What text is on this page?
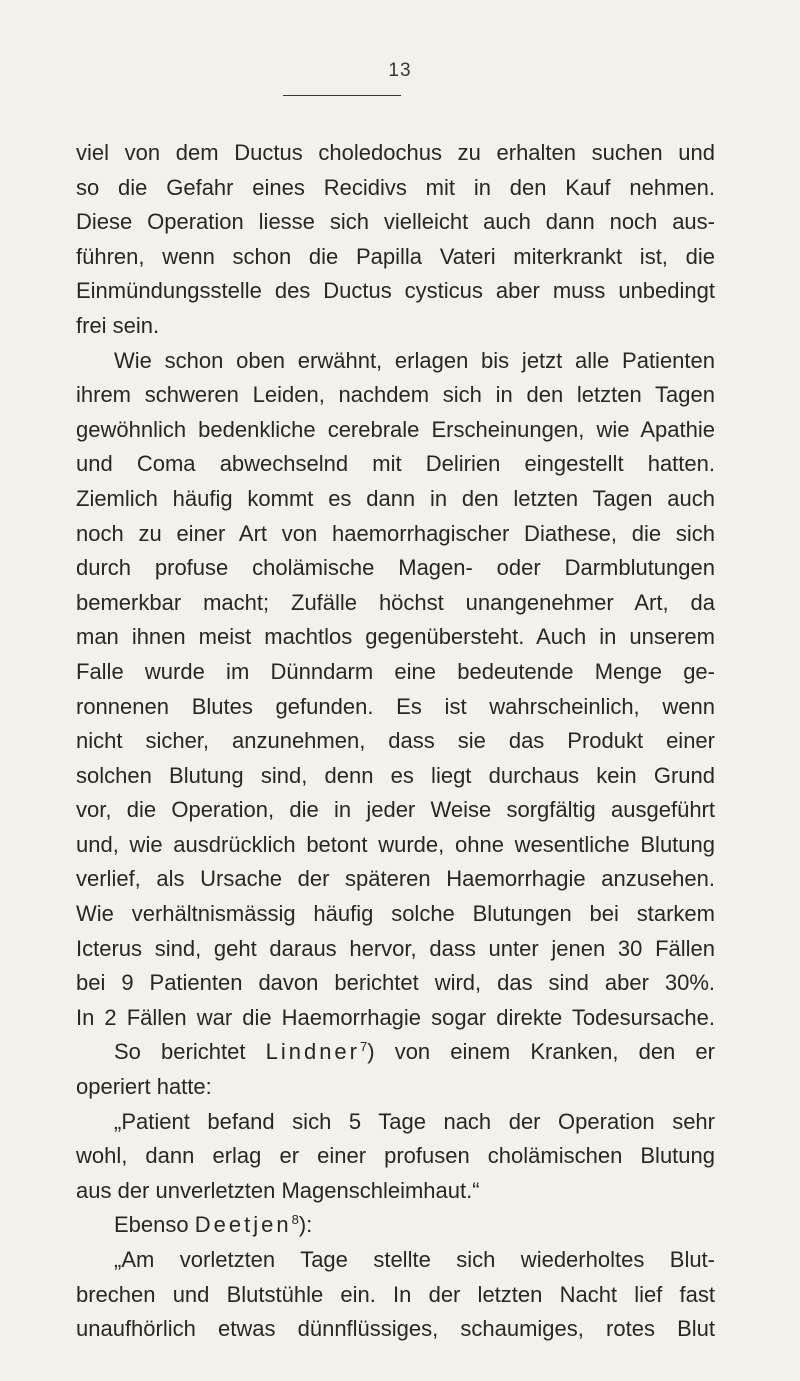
13
viel von dem Ductus choledochus zu erhalten suchen und
so die Gefahr eines Recidivs mit in den Kauf nehmen.
Diese Operation liesse sich vielleicht auch dann noch aus-
führen, wenn schon die Papilla Vateri miterkrankt ist, die
Einmündungsstelle des Ductus cysticus aber muss unbedingt
frei sein.
Wie schon oben erwähnt, erlagen bis jetzt alle Patienten
ihrem schweren Leiden, nachdem sich in den letzten Tagen
gewöhnlich bedenkliche cerebrale Erscheinungen, wie Apathie
und Coma abwechselnd mit Delirien eingestellt hatten.
Ziemlich häufig kommt es dann in den letzten Tagen auch
noch zu einer Art von haemorrhagischer Diathese, die sich
durch profuse cholämische Magen- oder Darmblutungen
bemerkbar macht; Zufälle höchst unangenehmer Art, da
man ihnen meist machtlos gegenübersteht. Auch in unserem
Falle wurde im Dünndarm eine bedeutende Menge ge-
ronnenen Blutes gefunden. Es ist wahrscheinlich, wenn
nicht sicher, anzunehmen, dass sie das Produkt einer
solchen Blutung sind, denn es liegt durchaus kein Grund
vor, die Operation, die in jeder Weise sorgfältig ausgeführt
und, wie ausdrücklich betont wurde, ohne wesentliche Blutung
verlief, als Ursache der späteren Haemorrhagie anzusehen.
Wie verhältnismässig häufig solche Blutungen bei starkem
Icterus sind, geht daraus hervor, dass unter jenen 30 Fällen
bei 9 Patienten davon berichtet wird, das sind aber 30%.
In 2 Fällen war die Haemorrhagie sogar direkte Todesursache.
So berichtet Lindner$^7$) von einem Kranken, den er
operiert hatte:
„Patient befand sich 5 Tage nach der Operation sehr
wohl, dann erlag er einer profusen cholämischen Blutung
aus der unverletzten Magenschleimhaut.“
Ebenso Deetjen$^8$):
„Am vorletzten Tage stellte sich wiederholtes Blut-
brechen und Blutstühle ein. In der letzten Nacht lief fast
unaufhörlich etwas dünnflüssiges, schaumiges, rotes Blut
